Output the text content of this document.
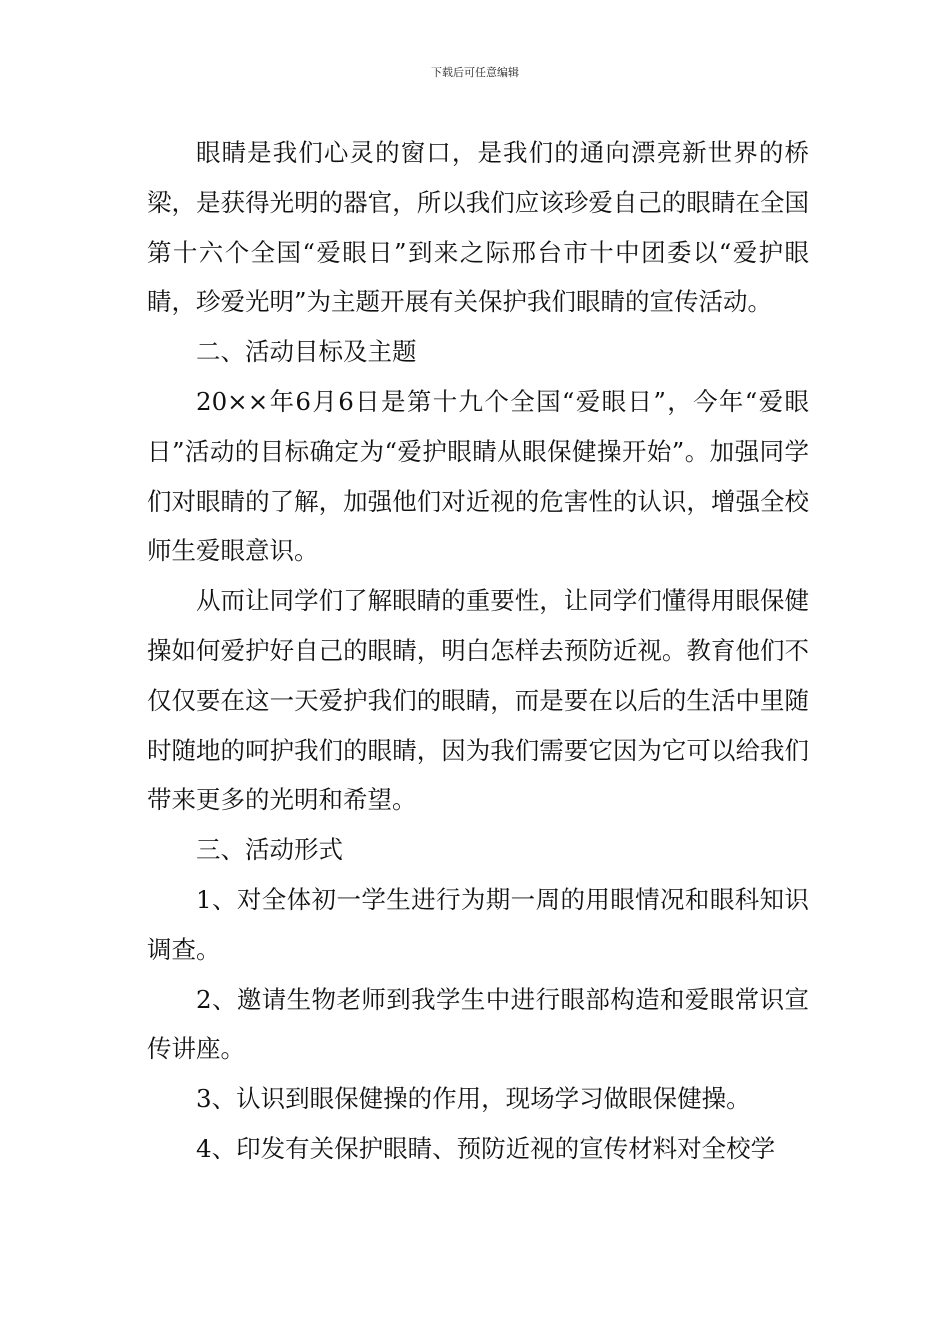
下载后可任意编辑

眼睛是我们心灵的窗口，是我们的通向漂亮新世界的桥梁，是获得光明的器官，所以我们应该珍爱自己的眼睛在全国第十六个全国“爱眼日”到来之际邢台市十中团委以“爱护眼睛，珍爱光明”为主题开展有关保护我们眼睛的宣传活动。

二、活动目标及主题

20××年6月6日是第十九个全国“爱眼日”，今年“爱眼日”活动的目标确定为“爱护眼睛从眼保健操开始”。加强同学们对眼睛的了解，加强他们对近视的危害性的认识，增强全校师生爱眼意识。

从而让同学们了解眼睛的重要性，让同学们懂得用眼保健操如何爱护好自己的眼睛，明白怎样去预防近视。教育他们不仅仅要在这一天爱护我们的眼睛，而是要在以后的生活中里随时随地的呵护我们的眼睛，因为我们需要它因为它可以给我们带来更多的光明和希望。

三、活动形式

1、对全体初一学生进行为期一周的用眼情况和眼科知识调查。

2、邀请生物老师到我学生中进行眼部构造和爱眼常识宣传讲座。

3、认识到眼保健操的作用，现场学习做眼保健操。

4、印发有关保护眼睛、预防近视的宣传材料对全校学
